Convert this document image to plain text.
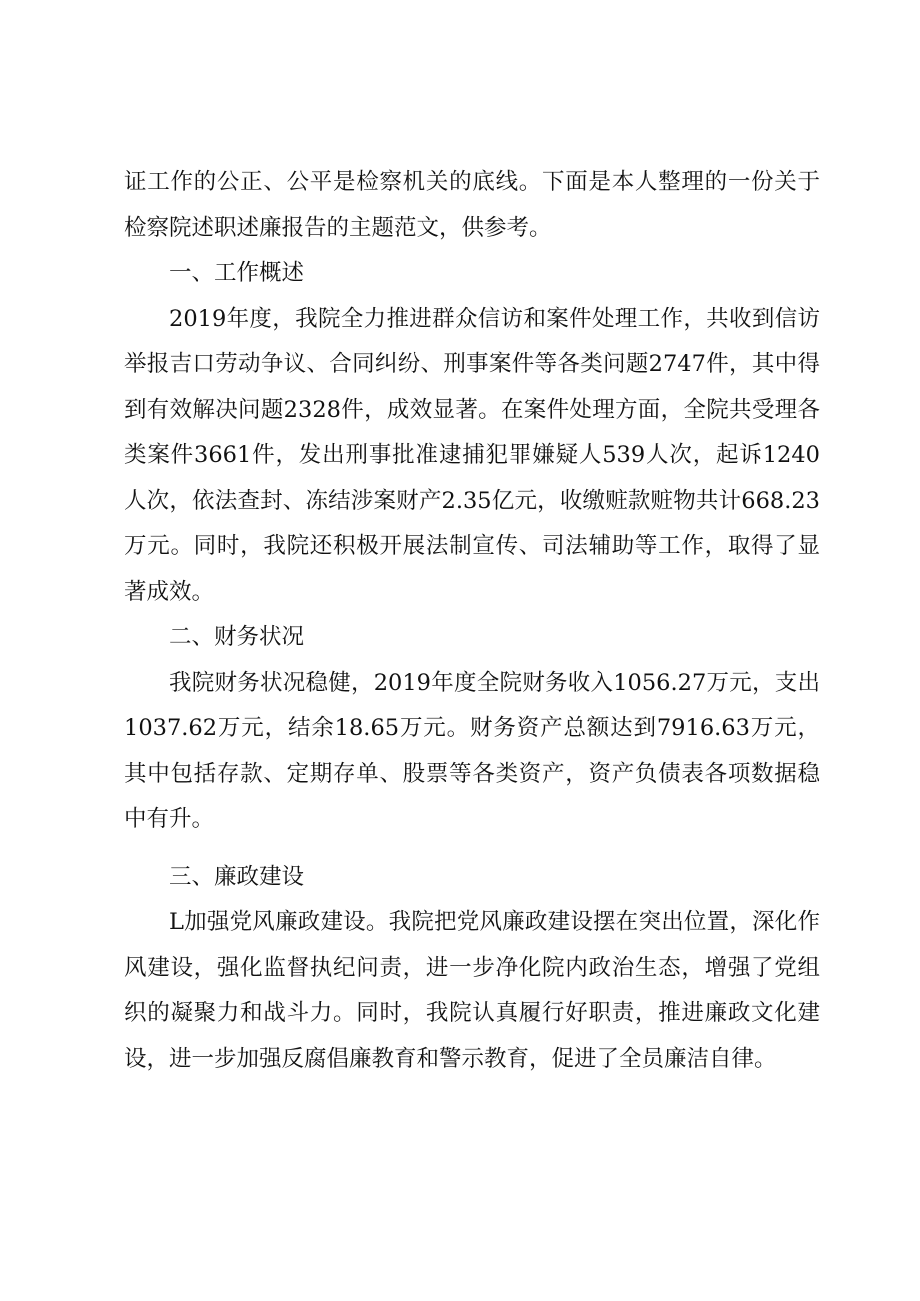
证工作的公正、公平是检察机关的底线。下面是本人整理的一份关于检察院述职述廉报告的主题范文，供参考。

一、工作概述

2019年度，我院全力推进群众信访和案件处理工作，共收到信访举报吉口劳动争议、合同纠纷、刑事案件等各类问题2747件，其中得到有效解决问题2328件，成效显著。在案件处理方面，全院共受理各类案件3661件，发出刑事批准逮捕犯罪嫌疑人539人次，起诉1240人次，依法查封、冻结涉案财产2.35亿元，收缴赃款赃物共计668.23万元。同时，我院还积极开展法制宣传、司法辅助等工作，取得了显著成效。

二、财务状况

我院财务状况稳健，2019年度全院财务收入1056.27万元，支出1037.62万元，结余18.65万元。财务资产总额达到7916.63万元，其中包括存款、定期存单、股票等各类资产，资产负债表各项数据稳中有升。

三、廉政建设

L加强党风廉政建设。我院把党风廉政建设摆在突出位置，深化作风建设，强化监督执纪问责，进一步净化院内政治生态，增强了党组织的凝聚力和战斗力。同时，我院认真履行好职责，推进廉政文化建设，进一步加强反腐倡廉教育和警示教育，促进了全员廉洁自律。
